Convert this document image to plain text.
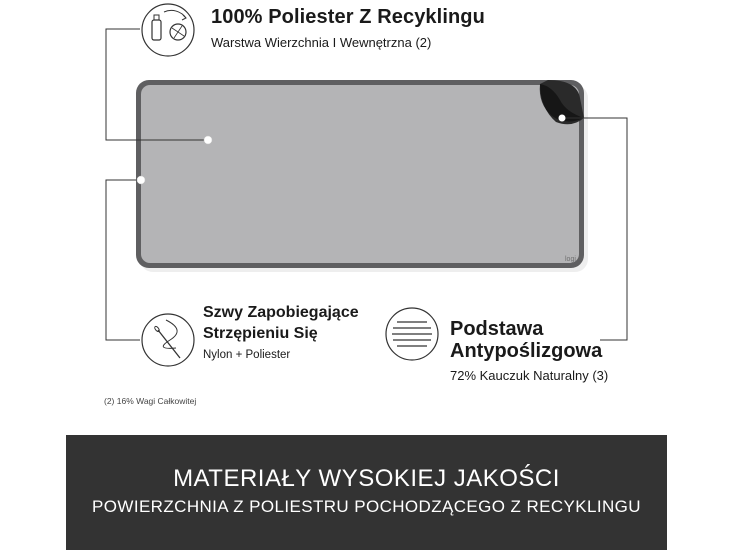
logi
100% Poliester Z Recyklingu
Warstwa Wierzchnia I Wewnętrzna (2)
Szwy Zapobiegające
Strzępieniu Się
Nylon + Poliester
Podstawa
Antypoślizgowa
72% Kauczuk Naturalny (3)
(2) 16% Wagi Całkowitej
MATERIAŁY WYSOKIEJ JAKOŚCI
POWIERZCHNIA Z POLIESTRU POCHODZĄCEGO Z RECYKLINGU
